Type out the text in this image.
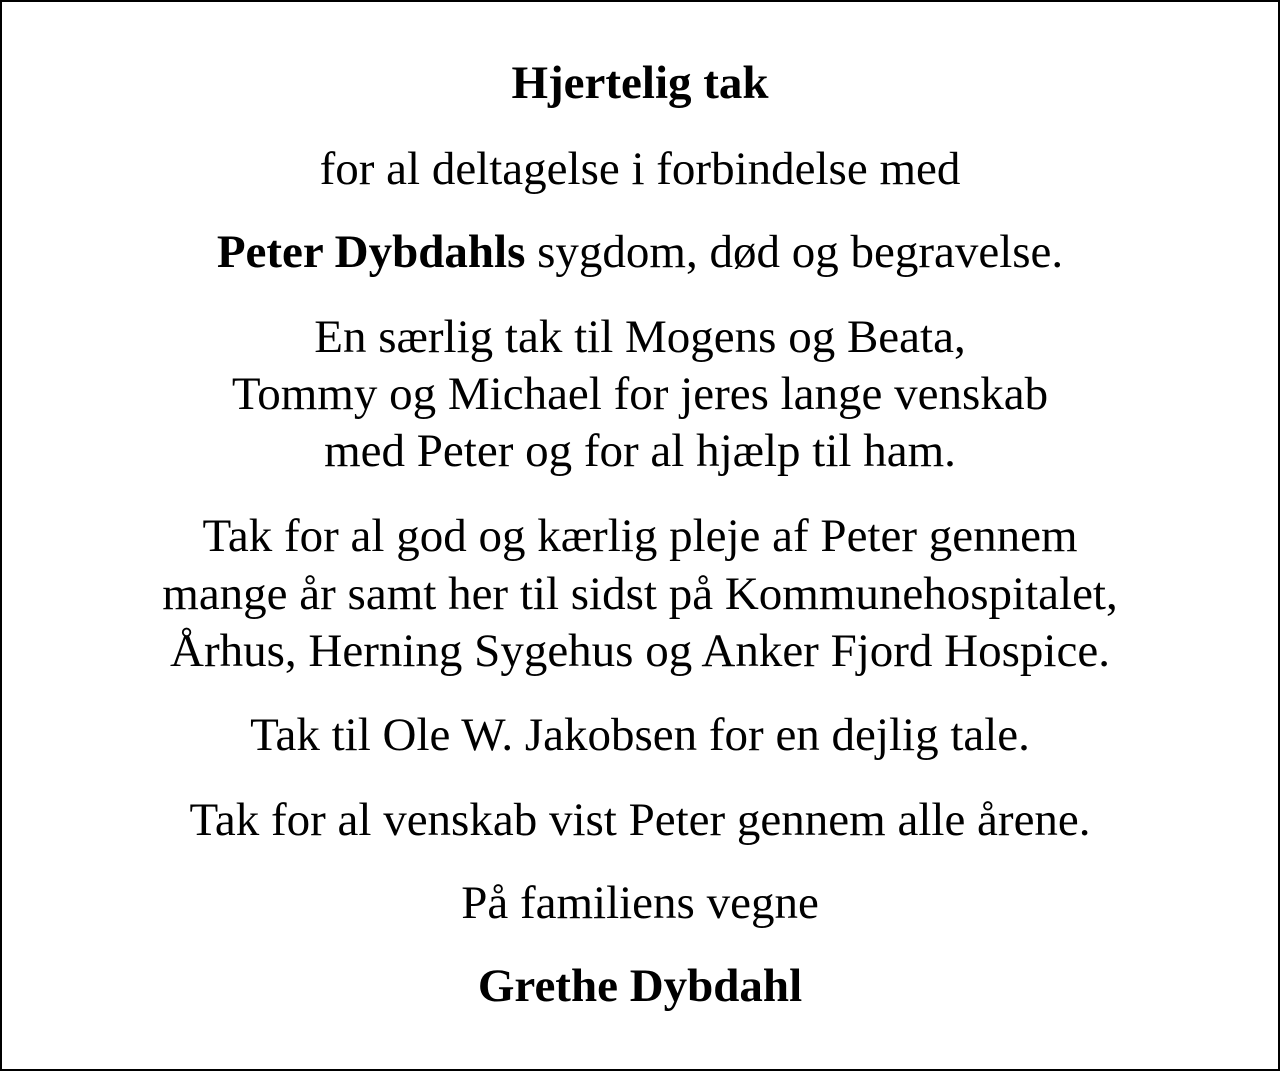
Hjertelig tak
for al deltagelse i forbindelse med
Peter Dybdahls sygdom, død og begravelse.
En særlig tak til Mogens og Beata,
Tommy og Michael for jeres lange venskab
med Peter og for al hjælp til ham.
Tak for al god og kærlig pleje af Peter gennem
mange år samt her til sidst på Kommunehospitalet,
Århus, Herning Sygehus og Anker Fjord Hospice.
Tak til Ole W. Jakobsen for en dejlig tale.
Tak for al venskab vist Peter gennem alle årene.
På familiens vegne
Grethe Dybdahl
